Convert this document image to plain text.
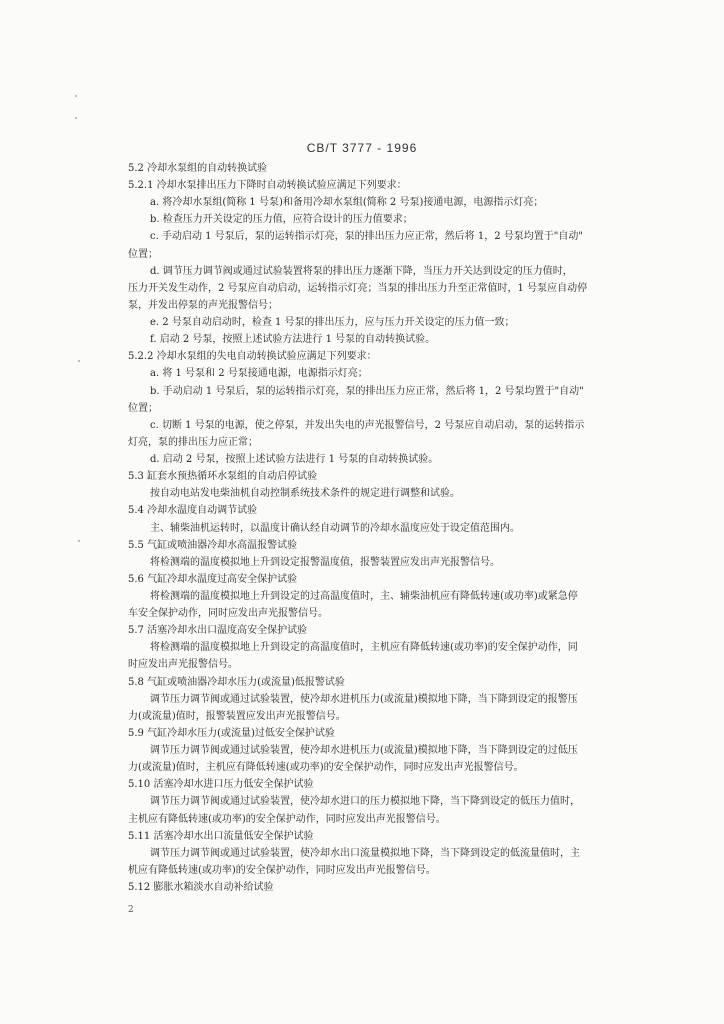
CB/T 3777 - 1996
5.2 冷却水泵组的自动转换试验
5.2.1 冷却水泵排出压力下降时自动转换试验应满足下列要求：
a. 将冷却水泵组(简称 1 号泵)和备用冷却水泵组(简称 2 号泵)接通电源，电源指示灯亮；
b. 检查压力开关设定的压力值，应符合设计的压力值要求；
c. 手动启动 1 号泵后，泵的运转指示灯亮，泵的排出压力应正常，然后将 1，2 号泵均置于"自动"
位置；
d. 调节压力调节阀或通过试验装置将泵的排出压力逐渐下降，当压力开关达到设定的压力值时，
压力开关发生动作，2 号泵应自动启动，运转指示灯亮；当泵的排出压力升至正常值时，1 号泵应自动停
泵，并发出停泵的声光报警信号；
e. 2 号泵自动启动时，检查 1 号泵的排出压力，应与压力开关设定的压力值一致；
f. 启动 2 号泵，按照上述试验方法进行 1 号泵的自动转换试验。
5.2.2 冷却水泵组的失电自动转换试验应满足下列要求：
a. 将 1 号泵和 2 号泵接通电源，电源指示灯亮；
b. 手动启动 1 号泵后，泵的运转指示灯亮，泵的排出压力应正常，然后将 1，2 号泵均置于"自动"
位置；
c. 切断 1 号泵的电源，使之停泵，并发出失电的声光报警信号，2 号泵应自动启动，泵的运转指示
灯亮，泵的排出压力应正常；
d. 启动 2 号泵，按照上述试验方法进行 1 号泵的自动转换试验。
5.3 缸套水预热循环水泵组的自动启停试验
按自动电站发电柴油机自动控制系统技术条件的规定进行调整和试验。
5.4 冷却水温度自动调节试验
主、辅柴油机运转时，以温度计确认经自动调节的冷却水温度应处于设定值范围内。
5.5 气缸或喷油器冷却水高温报警试验
将检测端的温度模拟地上升到设定报警温度值，报警装置应发出声光报警信号。
5.6 气缸冷却水温度过高安全保护试验
将检测端的温度模拟地上升到设定的过高温度值时，主、辅柴油机应有降低转速(或功率)或紧急停
车安全保护动作，同时应发出声光报警信号。
5.7 活塞冷却水出口温度高安全保护试验
将检测端的温度模拟地上升到设定的高温度值时，主机应有降低转速(或功率)的安全保护动作，同
时应发出声光报警信号。
5.8 气缸或喷油器冷却水压力(或流量)低报警试验
调节压力调节阀或通过试验装置，使冷却水进机压力(或流量)模拟地下降，当下降到设定的报警压
力(或流量)值时，报警装置应发出声光报警信号。
5.9 气缸冷却水压力(或流量)过低安全保护试验
调节压力调节阀或通过试验装置，使冷却水进机压力(或流量)模拟地下降，当下降到设定的过低压
力(或流量)值时，主机应有降低转速(或功率)的安全保护动作，同时应发出声光报警信号。
5.10 活塞冷却水进口压力低安全保护试验
调节压力调节阀或通过试验装置，使冷却水进口的压力模拟地下降，当下降到设定的低压力值时，
主机应有降低转速(或功率)的安全保护动作，同时应发出声光报警信号。
5.11 活塞冷却水出口流量低安全保护试验
调节压力调节阀或通过试验装置，使冷却水出口流量模拟地下降，当下降到设定的低流量值时，主
机应有降低转速(或功率)的安全保护动作，同时应发出声光报警信号。
5.12 膨胀水箱淡水自动补给试验
2
